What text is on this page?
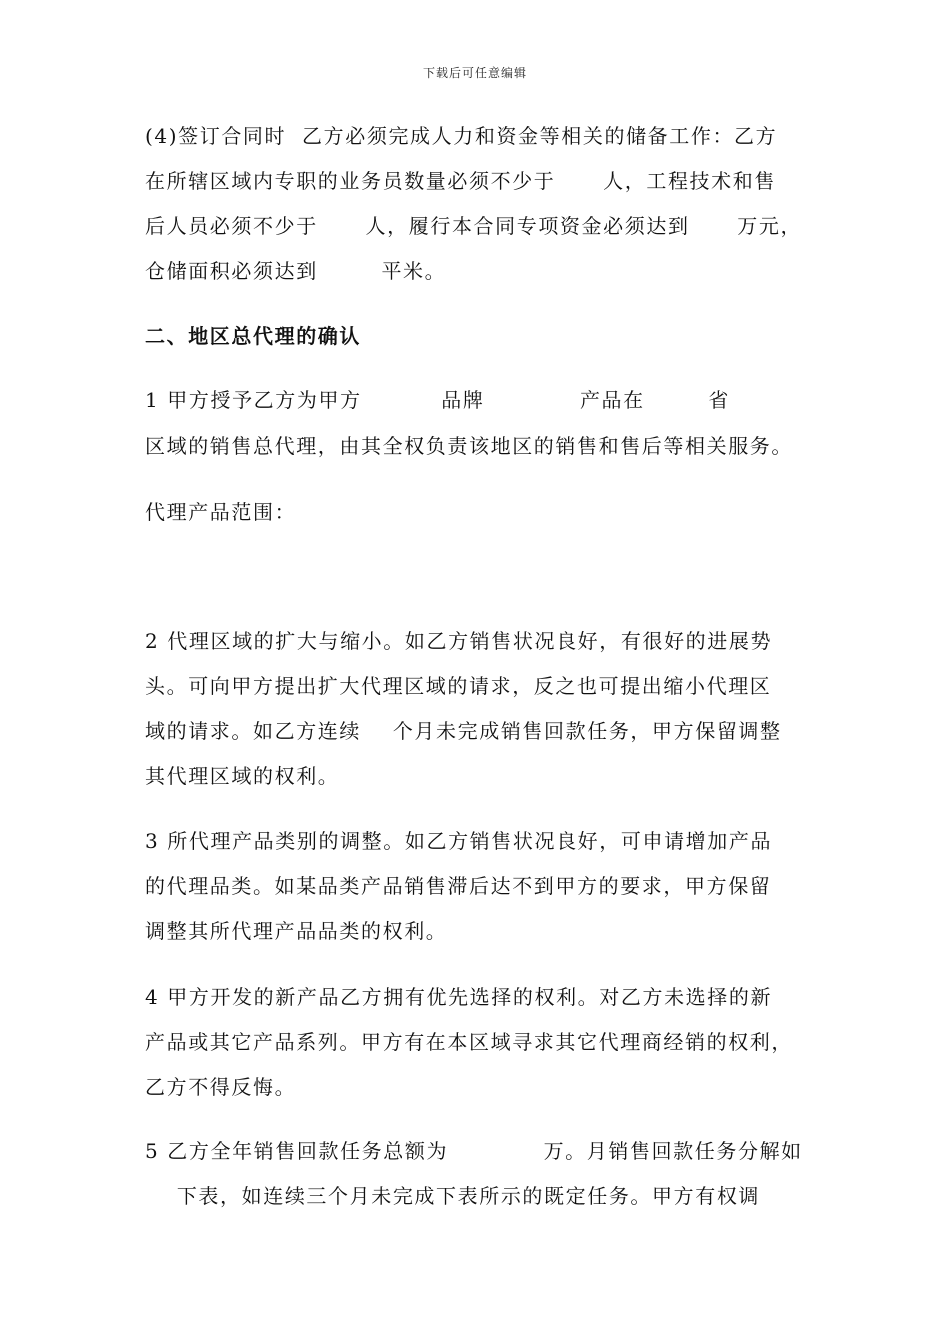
下载后可任意编辑
(4)签订合同时  乙方必须完成人力和资金等相关的储备工作：乙方
在所辖区域内专职的业务员数量必须不少于      人，工程技术和售
后人员必须不少于      人，履行本合同专项资金必须达到      万元，
仓储面积必须达到        平米。
二、地区总代理的确认
1 甲方授予乙方为甲方          品牌            产品在        省
区域的销售总代理，由其全权负责该地区的销售和售后等相关服务。
代理产品范围：
2 代理区域的扩大与缩小。如乙方销售状况良好，有很好的进展势
头。可向甲方提出扩大代理区域的请求，反之也可提出缩小代理区
域的请求。如乙方连续    个月未完成销售回款任务，甲方保留调整
其代理区域的权利。
3 所代理产品类别的调整。如乙方销售状况良好，可申请增加产品
的代理品类。如某品类产品销售滞后达不到甲方的要求，甲方保留
调整其所代理产品品类的权利。
4 甲方开发的新产品乙方拥有优先选择的权利。对乙方未选择的新
产品或其它产品系列。甲方有在本区域寻求其它代理商经销的权利，
乙方不得反悔。
5 乙方全年销售回款任务总额为            万。月销售回款任务分解如
下表，如连续三个月未完成下表所示的既定任务。甲方有权调
